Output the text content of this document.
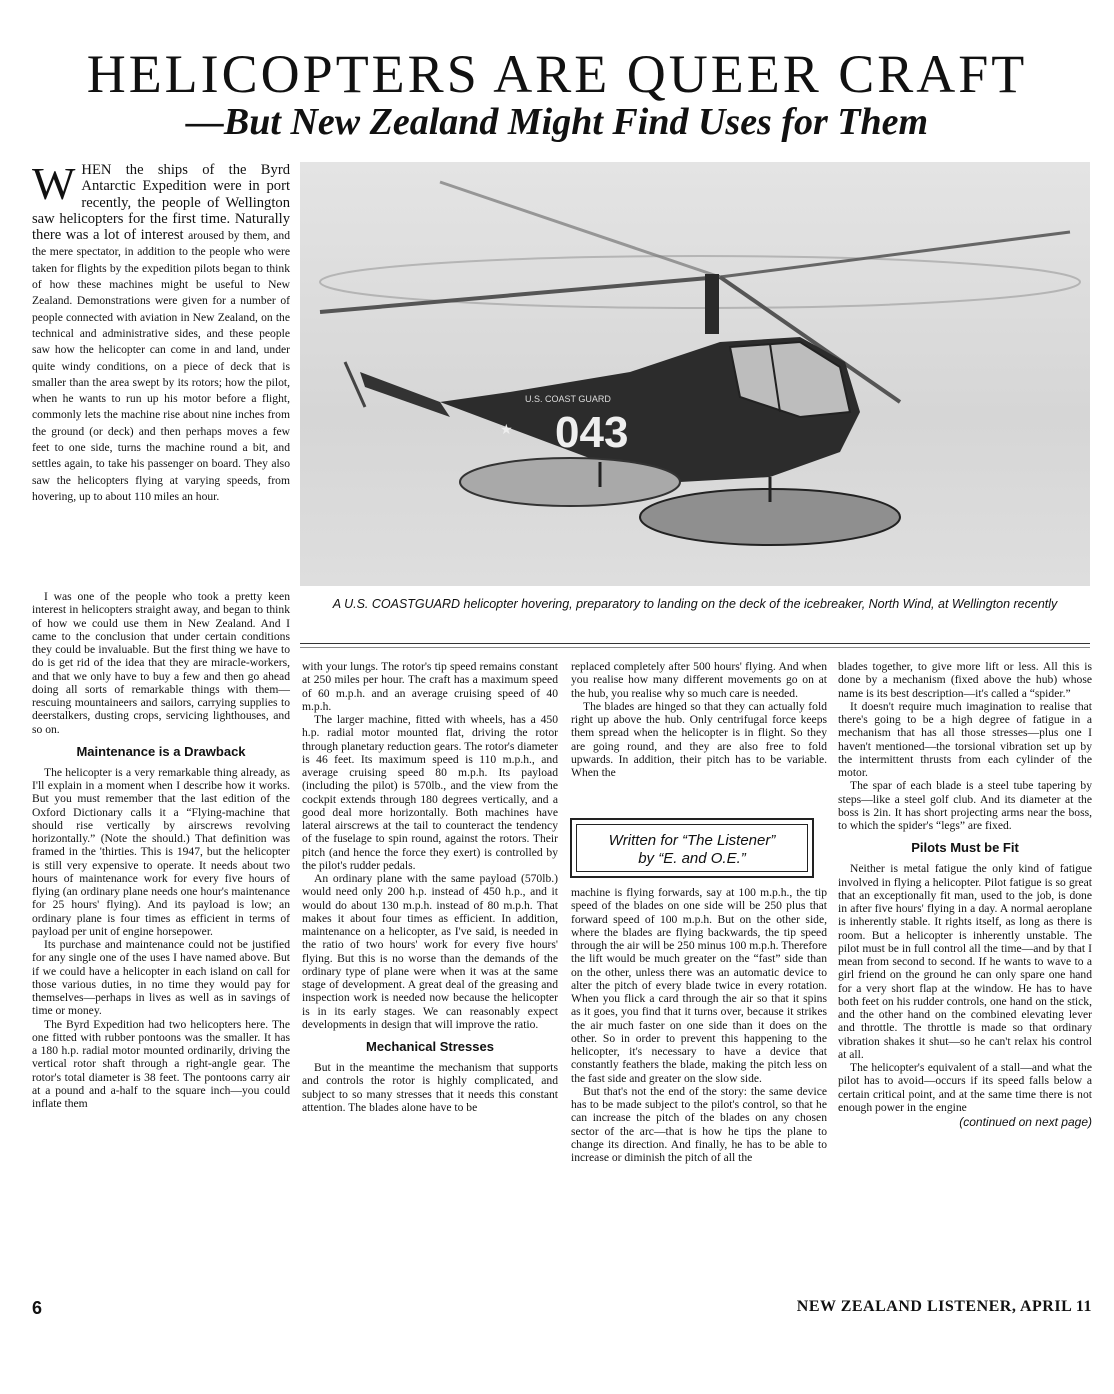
HELICOPTERS ARE QUEER CRAFT
—But New Zealand Might Find Uses for Them

WHEN the ships of the Byrd Antarctic Expedition were in port recently, the people of Wellington saw helicopters for the first time. Naturally there was a lot of interest aroused by them, and the mere spectator, in addition to the people who were taken for flights by the expedition pilots began to think of how these machines might be useful to New Zealand. Demonstrations were given for a number of people connected with aviation in New Zealand, on the technical and administrative sides, and these people saw how the helicopter can come in and land, under quite windy conditions, on a piece of deck that is smaller than the area swept by its rotors; how the pilot, when he wants to run up his motor before a flight, commonly lets the machine rise about nine inches from the ground (or deck) and then perhaps moves a few feet to one side, turns the machine round a bit, and settles again, to take his passenger on board. They also saw the helicopters flying at varying speeds, from hovering, up to about 110 miles an hour.

U.S. COAST GUARD
★ 043
A U.S. COASTGUARD helicopter hovering, preparatory to landing on the deck of the icebreaker, North Wind, at Wellington recently

I was one of the people who took a pretty keen interest in helicopters straight away, and began to think of how we could use them in New Zealand. And I came to the conclusion that under certain conditions they could be invaluable. But the first thing we have to do is get rid of the idea that they are miracle-workers, and that we only have to buy a few and then go ahead doing all sorts of remarkable things with them—rescuing mountaineers and sailors, carrying supplies to deerstalkers, dusting crops, servicing lighthouses, and so on.

Maintenance is a Drawback

The helicopter is a very remarkable thing already, as I'll explain in a moment when I describe how it works. But you must remember that the last edition of the Oxford Dictionary calls it a “Flying-machine that should rise vertically by airscrews revolving horizontally.” (Note the should.) That definition was framed in the 'thirties. This is 1947, but the helicopter is still very expensive to operate. It needs about two hours of maintenance work for every five hours of flying (an ordinary plane needs one hour's maintenance for 25 hours' flying). And its payload is low; an ordinary plane is four times as efficient in terms of payload per unit of engine horsepower.

Its purchase and maintenance could not be justified for any single one of the uses I have named above. But if we could have a helicopter in each island on call for those various duties, in no time they would pay for themselves—perhaps in lives as well as in savings of time or money.

The Byrd Expedition had two helicopters here. The one fitted with rubber pontoons was the smaller. It has a 180 h.p. radial motor mounted ordinarily, driving the vertical rotor shaft through a right-angle gear. The rotor's total diameter is 38 feet. The pontoons carry air at a pound and a-half to the square inch—you could inflate them

with your lungs. The rotor's tip speed remains constant at 250 miles per hour. The craft has a maximum speed of 60 m.p.h. and an average cruising speed of 40 m.p.h.

The larger machine, fitted with wheels, has a 450 h.p. radial motor mounted flat, driving the rotor through planetary reduction gears. The rotor's diameter is 46 feet. Its maximum speed is 110 m.p.h., and average cruising speed 80 m.p.h. Its payload (including the pilot) is 570lb., and the view from the cockpit extends through 180 degrees vertically, and a good deal more horizontally. Both machines have lateral airscrews at the tail to counteract the tendency of the fuselage to spin round, against the rotors. Their pitch (and hence the force they exert) is controlled by the pilot's rudder pedals.

An ordinary plane with the same payload (570lb.) would need only 200 h.p. instead of 450 h.p., and it would do about 130 m.p.h. instead of 80 m.p.h. That makes it about four times as efficient. In addition, maintenance on a helicopter, as I've said, is needed in the ratio of two hours' work for every five hours' flying. But this is no worse than the demands of the ordinary type of plane were when it was at the same stage of development. A great deal of the greasing and inspection work is needed now because the helicopter is in its early stages. We can reasonably expect developments in design that will improve the ratio.

Mechanical Stresses

But in the meantime the mechanism that supports and controls the rotor is highly complicated, and subject to so many stresses that it needs this constant attention. The blades alone have to be

replaced completely after 500 hours' flying. And when you realise how many different movements go on at the hub, you realise why so much care is needed.

The blades are hinged so that they can actually fold right up above the hub. Only centrifugal force keeps them spread when the helicopter is in flight. So they are going round, and they are also free to fold upwards. In addition, their pitch has to be variable. When the

Written for “The Listener”
by “E. and O.E.”

machine is flying forwards, say at 100 m.p.h., the tip speed of the blades on one side will be 250 plus that forward speed of 100 m.p.h. But on the other side, where the blades are flying backwards, the tip speed through the air will be 250 minus 100 m.p.h. Therefore the lift would be much greater on the “fast” side than on the other, unless there was an automatic device to alter the pitch of every blade twice in every rotation. When you flick a card through the air so that it spins as it goes, you find that it turns over, because it strikes the air much faster on one side than it does on the other. So in order to prevent this happening to the helicopter, it's necessary to have a device that constantly feathers the blade, making the pitch less on the fast side and greater on the slow side.

But that's not the end of the story: the same device has to be made subject to the pilot's control, so that he can increase the pitch of the blades on any chosen sector of the arc—that is how he tips the plane to change its direction. And finally, he has to be able to increase or diminish the pitch of all the

blades together, to give more lift or less. All this is done by a mechanism (fixed above the hub) whose name is its best description—it's called a “spider.”

It doesn't require much imagination to realise that there's going to be a high degree of fatigue in a mechanism that has all those stresses—plus one I haven't mentioned—the torsional vibration set up by the intermittent thrusts from each cylinder of the motor.

The spar of each blade is a steel tube tapering by steps—like a steel golf club. And its diameter at the boss is 2in. It has short projecting arms near the boss, to which the spider's “legs” are fixed.

Pilots Must be Fit

Neither is metal fatigue the only kind of fatigue involved in flying a helicopter. Pilot fatigue is so great that an exceptionally fit man, used to the job, is done in after five hours' flying in a day. A normal aeroplane is inherently stable. It rights itself, as long as there is room. But a helicopter is inherently unstable. The pilot must be in full control all the time—and by that I mean from second to second. If he wants to wave to a girl friend on the ground he can only spare one hand for a very short flap at the window. He has to have both feet on his rudder controls, one hand on the stick, and the other hand on the combined elevating lever and throttle. The throttle is made so that ordinary vibration shakes it shut—so he can't relax his control at all.

The helicopter's equivalent of a stall—and what the pilot has to avoid—occurs if its speed falls below a certain critical point, and at the same time there is not enough power in the engine

(continued on next page)
6	NEW ZEALAND LISTENER, APRIL 11
